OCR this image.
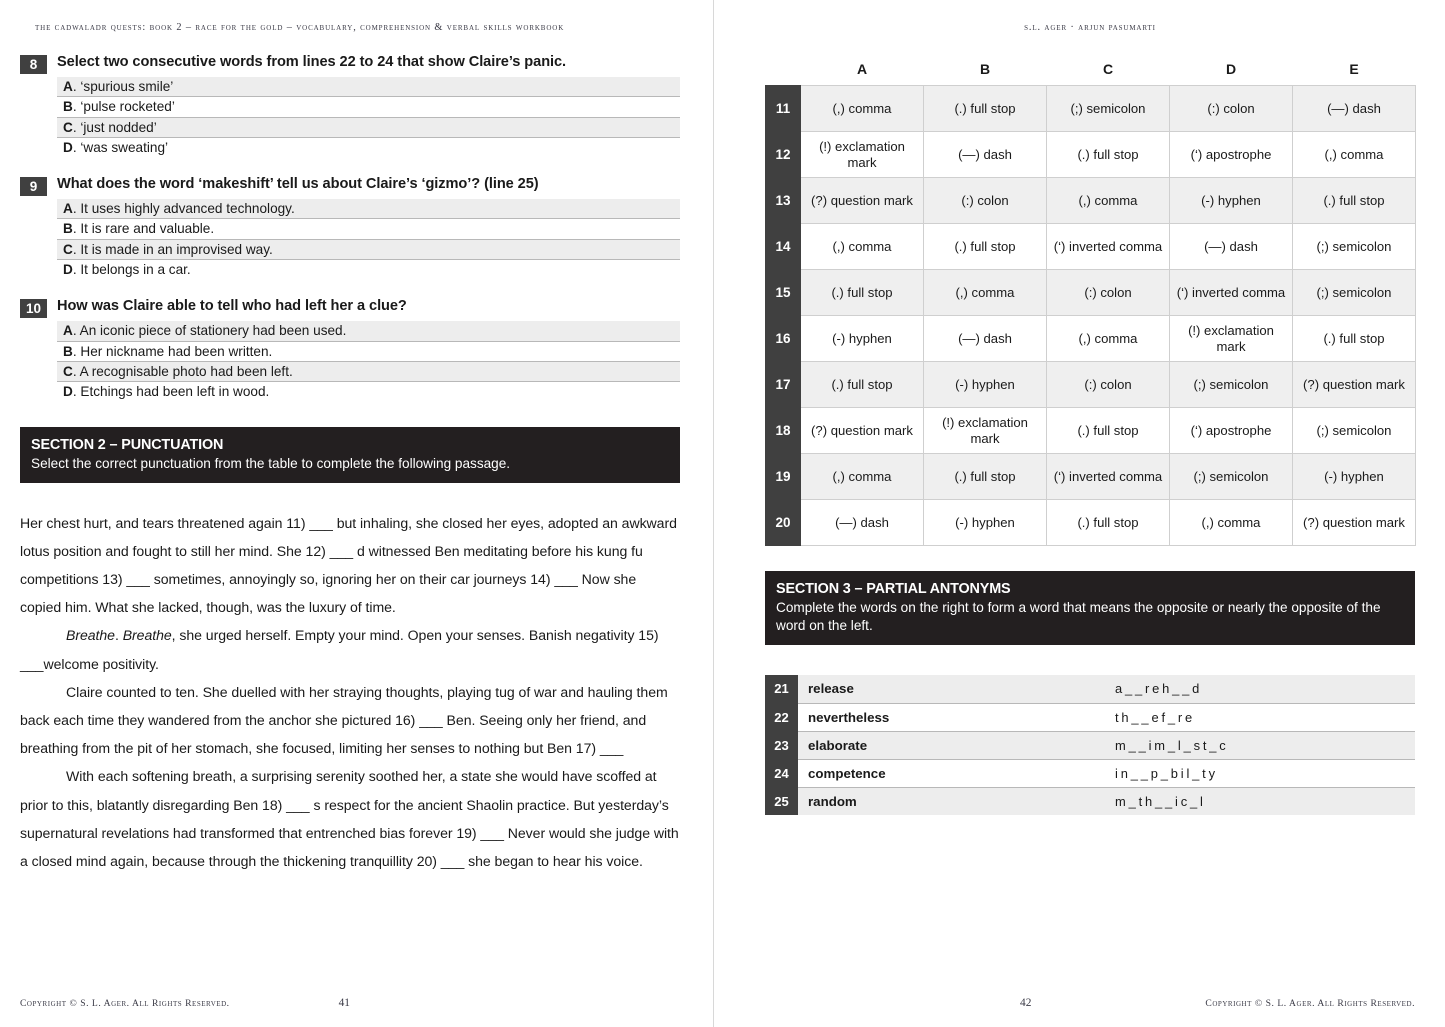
the cadwaladr quests: book 2 – race for the gold – vocabulary, comprehension & verbal skills workbook
8	Select two consecutive words from lines 22 to 24 that show Claire’s panic.
A. ‘spurious smile’
B. ‘pulse rocketed’
C. ‘just nodded’
D. ‘was sweating’
9	What does the word ‘makeshift’ tell us about Claire’s ‘gizmo’? (line 25)
A. It uses highly advanced technology.
B. It is rare and valuable.
C. It is made in an improvised way.
D. It belongs in a car.
10	How was Claire able to tell who had left her a clue?
A. An iconic piece of stationery had been used.
B. Her nickname had been written.
C. A recognisable photo had been left.
D. Etchings had been left in wood.
SECTION 2 – PUNCTUATION
Select the correct punctuation from the table to complete the following passage.

Her chest hurt, and tears threatened again 11) ___ but inhaling, she closed her eyes, adopted an awkward lotus position and fought to still her mind. She 12) ___ d witnessed Ben meditating before his kung fu competitions 13) ___ sometimes, annoyingly so, ignoring her on their car journeys 14) ___ Now she copied him. What she lacked, though, was the luxury of time.

Breathe. Breathe, she urged herself. Empty your mind. Open your senses. Banish negativity 15) ___welcome positivity.

Claire counted to ten. She duelled with her straying thoughts, playing tug of war and hauling them back each time they wandered from the anchor she pictured 16) ___ Ben. Seeing only her friend, and breathing from the pit of her stomach, she focused, limiting her senses to nothing but Ben 17) ___

With each softening breath, a surprising serenity soothed her, a state she would have scoffed at prior to this, blatantly disregarding Ben 18) ___ s respect for the ancient Shaolin practice. But yesterday’s supernatural revelations had transformed that entrenched bias forever 19) ___ Never would she judge with a closed mind again, because through the thickening tranquillity 20) ___ she began to hear his voice.

Copyright © S. L. Ager. All Rights Reserved.	41
s.l. ager · arjun pasumarti
	A	B	C	D	E
11	(,) comma	(.) full stop	(;) semicolon	(:) colon	(—) dash
12	(!) exclamation mark	(—) dash	(.) full stop	(‘) apostrophe	(,) comma
13	(?) question mark	(:) colon	(,) comma	(-) hyphen	(.) full stop
14	(,) comma	(.) full stop	(‘) inverted comma	(—) dash	(;) semicolon
15	(.) full stop	(,) comma	(:) colon	(‘) inverted comma	(;) semicolon
16	(-) hyphen	(—) dash	(,) comma	(!) exclamation mark	(.) full stop
17	(.) full stop	(-) hyphen	(:) colon	(;) semicolon	(?) question mark
18	(?) question mark	(!) exclamation mark	(.) full stop	(‘) apostrophe	(;) semicolon
19	(,) comma	(.) full stop	(‘) inverted comma	(;) semicolon	(-) hyphen
20	(—) dash	(-) hyphen	(.) full stop	(,) comma	(?) question mark
SECTION 3 – PARTIAL ANTONYMS
Complete the words on the right to form a word that means the opposite or nearly the opposite of the word on the left.
21	release	a__reh__d
22	nevertheless	th__ef_re
23	elaborate	m__im_l_st_c
24	competence	in__p_bil_ty
25	random	m_th__ic_l
42	Copyright © S. L. Ager. All Rights Reserved.
